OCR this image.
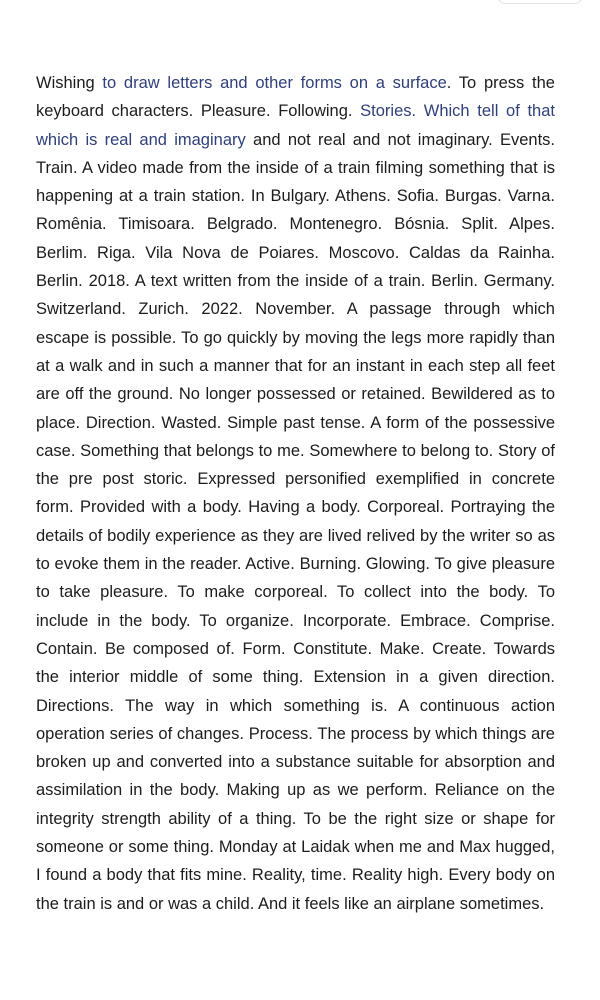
Wishing to draw letters and other forms on a surface. To press the keyboard characters. Pleasure. Following. Stories. Which tell of that which is real and imaginary and not real and not imaginary. Events. Train. A video made from the inside of a train filming something that is happening at a train station. In Bulgary. Athens. Sofia. Burgas. Varna. Romênia. Timisoara. Belgrado. Montenegro. Bósnia. Split. Alpes. Berlim. Riga. Vila Nova de Poiares. Moscovo. Caldas da Rainha. Berlin. 2018. A text written from the inside of a train. Berlin. Germany. Switzerland. Zurich. 2022. November. A passage through which escape is possible. To go quickly by moving the legs more rapidly than at a walk and in such a manner that for an instant in each step all feet are off the ground. No longer possessed or retained. Bewildered as to place. Direction. Wasted. Simple past tense. A form of the possessive case. Something that belongs to me. Somewhere to belong to. Story of the pre post storic. Expressed personified exemplified in concrete form. Provided with a body. Having a body. Corporeal. Portraying the details of bodily experience as they are lived relived by the writer so as to evoke them in the reader. Active. Burning. Glowing. To give pleasure to take pleasure. To make corporeal. To collect into the body. To include in the body. To organize. Incorporate. Embrace. Comprise. Contain. Be composed of. Form. Constitute. Make. Create. Towards the interior middle of some thing. Extension in a given direction. Directions. The way in which something is. A continuous action operation series of changes. Process. The process by which things are broken up and converted into a substance suitable for absorption and assimilation in the body. Making up as we perform. Reliance on the integrity strength ability of a thing. To be the right size or shape for someone or some thing. Monday at Laidak when me and Max hugged, I found a body that fits mine. Reality, time. Reality high. Every body on the train is and or was a child. And it feels like an airplane sometimes.
